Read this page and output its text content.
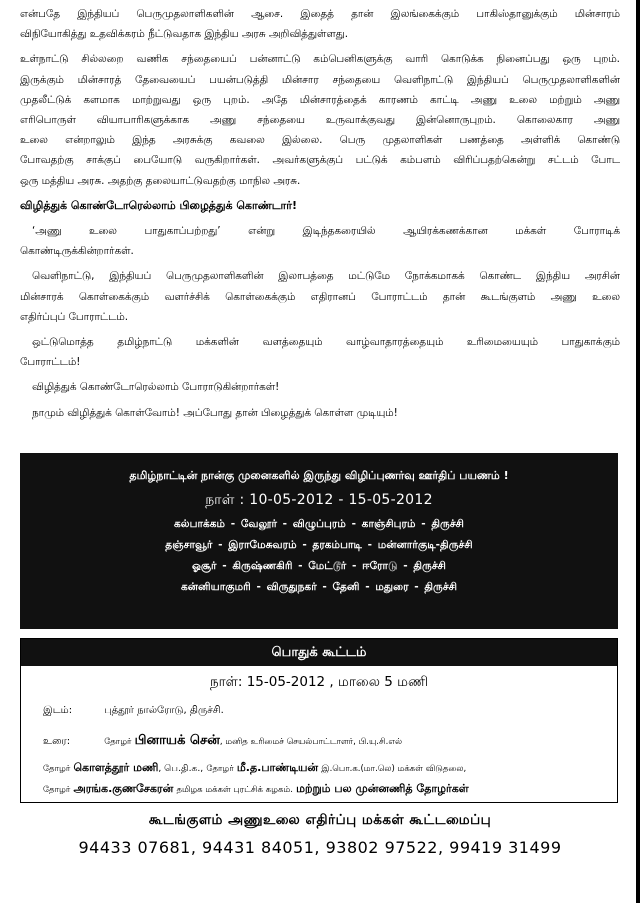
என்பதே இந்தியப் பெருமுதலாளிகளின் ஆசை. இதைத் தான் இலங்கைக்கும் பாகிஸ்தானுக்கும் மின்சாரம்
விநியோகித்து உதவிக்கரம் நீட்டுவதாக இந்திய அரசு அறிவித்துள்ளது.
உள்நாட்டு சில்லறை வணிக சந்தையைப் பன்னாட்டு கம்பெனிகளுக்கு வாரி கொடுக்க நினைப்பது ஒரு புறம்.
இருக்கும் மின்சாரத் தேவையைப் பயன்படுத்தி மின்சார சந்தையை வெளிநாட்டு இந்தியப் பெருமுதலாளிகளின்
முதலீட்டுக் களமாக மாற்றுவது ஒரு புறம். அதே மின்சாரத்தைக் காரணம் காட்டி அணு உலை மற்றும் அணு
எரிபொருள் வியாபாரிகளுக்காக அணு சந்தையை உருவாக்குவது இன்னொருபுறம். கொலைகார அணு
உலை என்றாலும் இந்த அரசுக்கு கவலை இல்லை. பெரு முதலாளிகள் பணத்தை அள்ளிக் கொண்டு
போவதற்கு சாக்குப் பையோடு வருகிறார்கள். அவர்களுக்குப் பட்டுக் கம்பளம் விரிப்பதற்கென்று சட்டம் போட
ஒரு மத்திய அரசு. அதற்கு தலையாட்டுவதற்கு மாநில அரசு.
விழித்துக் கொண்டோரெல்லாம் பிழைத்துக் கொண்டார்!
‘அணு உலை பாதுகாப்பற்றது’ என்று இடிந்தகரையில் ஆயிரக்கணக்கான மக்கள் போராடிக்
கொண்டிருக்கின்றார்கள்.
வெளிநாட்டு, இந்தியப் பெருமுதலாளிகளின் இலாபத்தை மட்டுமே நோக்கமாகக் கொண்ட இந்திய அரசின்
மின்சாரக் கொள்கைக்கும் வளர்ச்சிக் கொள்கைக்கும் எதிரானப் போராட்டம் தான் கூடங்குளம் அணு உலை
எதிர்ப்புப் போராட்டம்.
ஒட்டுமொத்த தமிழ்நாட்டு மக்களின் வளத்தையும் வாழ்வாதாரத்தையும் உரிமையையும் பாதுகாக்கும்
போராட்டம்!
விழித்துக் கொண்டோரெல்லாம் போராடுகின்றார்கள்!
நாமும் விழித்துக் கொள்வோம்! அப்போது தான் பிழைத்துக் கொள்ள முடியும்!
தமிழ்நாட்டின் நான்கு முனைகளில் இருந்து விழிப்புணர்வு ஊர்திப் பயணம் !
நாள் : 10-05-2012 - 15-05-2012
கல்பாக்கம் - வேலூர் - விழுப்புரம் - காஞ்சிபுரம் - திருச்சி
தஞ்சாவூர் - இராமேசுவரம் - தரகம்பாடி - மன்னார்குடி-திருச்சி
ஓசூர் - கிருஷ்ணகிரி - மேட்டூர் - ஈரோடு - திருச்சி
கன்னியாகுமரி - விருதுநகர் - தேனி - மதுரை - திருச்சி
பொதுக் கூட்டம்
நாள்: 15-05-2012 , மாலை 5 மணி
இடம்:	புத்தூர் நால்ரோடு, திருச்சி.
உரை:	தோழர் பினாயக் சென், மனித உரிமைச் செயல்பாட்டாளர், பி.யு.சி.எல்
தோழர் கொளத்தூர் மணி, பெ.தி.க., தோழர் மீ.த.பாண்டியன் இ.பொ.க.(மா.லெ) மக்கள் விடுதலை,
தோழர் அரங்க.குணசேகரன் தமிழக மக்கள் புரட்சிக் கழகம். மற்றும் பல முன்னணித் தோழர்கள்
கூடங்குளம் அணுஉலை எதிர்ப்பு மக்கள் கூட்டமைப்பு
94433 07681, 94431 84051, 93802 97522, 99419 31499
